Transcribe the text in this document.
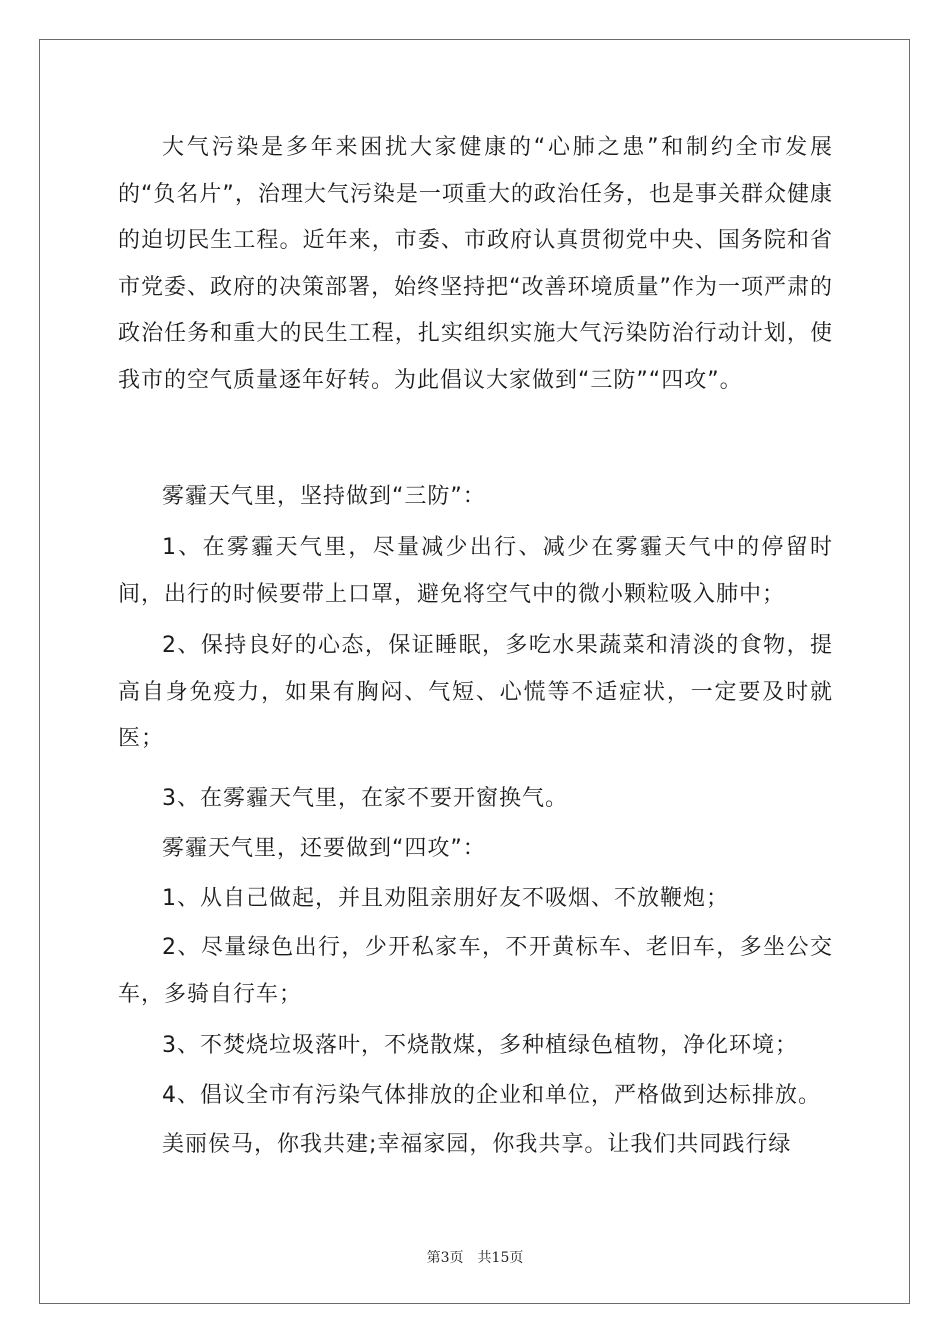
大气污染是多年来困扰大家健康的“心肺之患”和制约全市发展的“负名片”，治理大气污染是一项重大的政治任务，也是事关群众健康的迫切民生工程。近年来，市委、市政府认真贯彻党中央、国务院和省市党委、政府的决策部署，始终坚持把“改善环境质量”作为一项严肃的政治任务和重大的民生工程，扎实组织实施大气污染防治行动计划，使我市的空气质量逐年好转。为此倡议大家做到“三防”“四攻”。

雾霾天气里，坚持做到“三防”：

1、在雾霾天气里，尽量减少出行、减少在雾霾天气中的停留时间，出行的时候要带上口罩，避免将空气中的微小颗粒吸入肺中；

2、保持良好的心态，保证睡眠，多吃水果蔬菜和清淡的食物，提高自身免疫力，如果有胸闷、气短、心慌等不适症状，一定要及时就医；

3、在雾霾天气里，在家不要开窗换气。

雾霾天气里，还要做到“四攻”：

1、从自己做起，并且劝阻亲朋好友不吸烟、不放鞭炮；

2、尽量绿色出行，少开私家车，不开黄标车、老旧车，多坐公交车，多骑自行车；

3、不焚烧垃圾落叶，不烧散煤，多种植绿色植物，净化环境；

4、倡议全市有污染气体排放的企业和单位，严格做到达标排放。

美丽侯马，你我共建;幸福家园，你我共享。让我们共同践行绿

第3页 共15页
